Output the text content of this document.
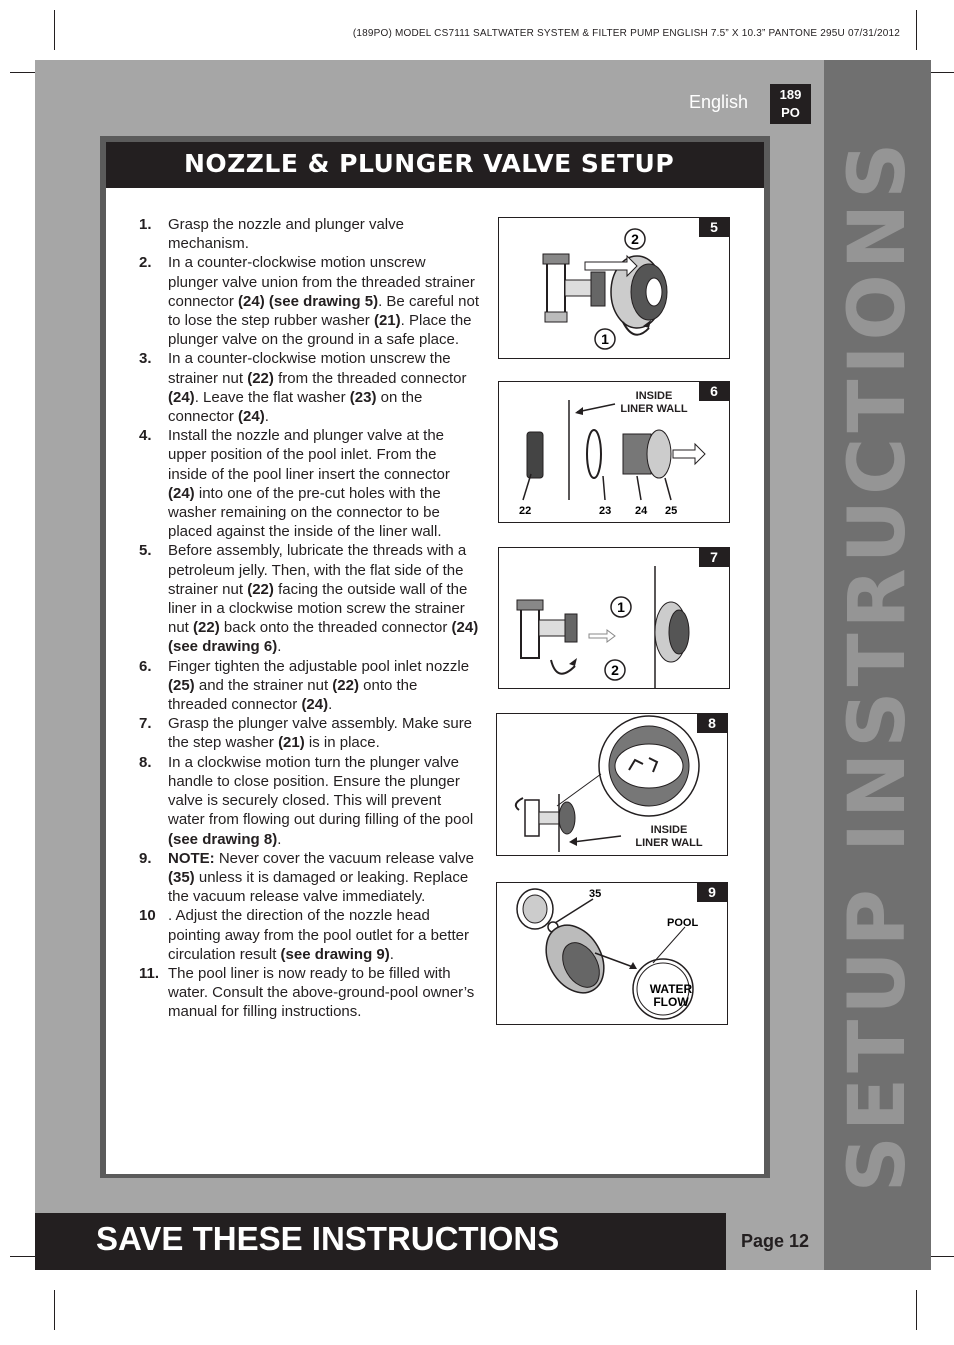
(189PO) MODEL CS7111 SALTWATER SYSTEM & FILTER PUMP ENGLISH 7.5” X 10.3” PANTONE 295U 07/31/2012
SETUP INSTRUCTIONS
English	189
PO
NOZZLE & PLUNGER VALVE SETUP
1. Grasp the nozzle and plunger valve mechanism.
2. In a counter-clockwise motion unscrew plunger valve union from the threaded strainer connector (24) (see drawing 5). Be careful not to lose the step rubber washer (21). Place the plunger valve on the ground in a safe place.
3. In a counter-clockwise motion unscrew the strainer nut (22) from the threaded connector (24). Leave the flat washer (23) on the connector (24).
4. Install the nozzle and plunger valve at the upper position of the pool inlet. From the inside of the pool liner insert the connector (24) into one of the pre-cut holes with the washer remaining on the connector to be placed against the inside of the liner wall.
5. Before assembly, lubricate the threads with a petroleum jelly. Then, with the flat side of the strainer nut (22) facing the outside wall of the liner in a clockwise motion screw the strainer nut (22) back onto the threaded connector (24) (see drawing 6).
6. Finger tighten the adjustable pool inlet nozzle (25) and the strainer nut (22) onto the threaded connector (24).
7. Grasp the plunger valve assembly. Make sure the step washer (21) is in place.
8. In a clockwise motion turn the plunger valve handle to close position. Ensure the plunger valve is securely closed. This will prevent water from flowing out during filling of the pool (see drawing 8).
9. NOTE: Never cover the vacuum release valve (35) unless it is damaged or leaking. Replace the vacuum release valve immediately.
10 . Adjust the direction of the nozzle head pointing away from the pool outlet for a better circulation result (see drawing 9).
11. The pool liner is now ready to be filled with water. Consult the above-ground-pool owner’s manual for filling instructions.
5
2
1
6
INSIDE
LINER WALL
22	23 24 25
7
1
2
8
INSIDE
LINER WALL
9
35
POOL
WATER
FLOW
SAVE THESE INSTRUCTIONS	Page 12
